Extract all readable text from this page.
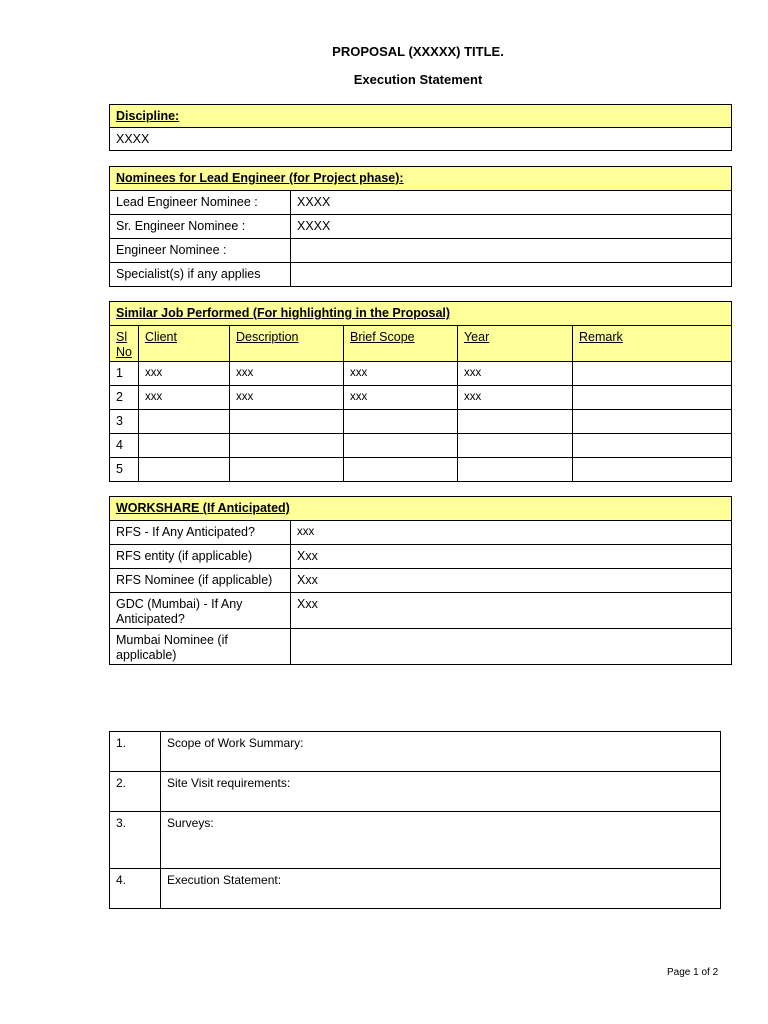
PROPOSAL (XXXXX) TITLE.
Execution Statement
Discipline:
XXXX
Nominees for Lead Engineer (for Project phase):	
Lead Engineer Nominee :	XXXX
Sr. Engineer Nominee :	XXXX
Engineer Nominee :	
Specialist(s) if any applies	
Similar Job Performed (For highlighting in the Proposal)					
Sl No	Client	Description	Brief Scope	Year	Remark
1	xxx	xxx	xxx	xxx	
2	xxx	xxx	xxx	xxx	
3					
4					
5					
WORKSHARE (If Anticipated)	
RFS - If Any Anticipated?	xxx
RFS entity (if applicable)	Xxx
RFS Nominee (if applicable)	Xxx
GDC (Mumbai) - If Any Anticipated?	Xxx
Mumbai Nominee (if applicable)	
1.	Scope of Work Summary:
2.	Site Visit requirements:
3.	Surveys:
4.	Execution Statement:
Page 1 of 2
